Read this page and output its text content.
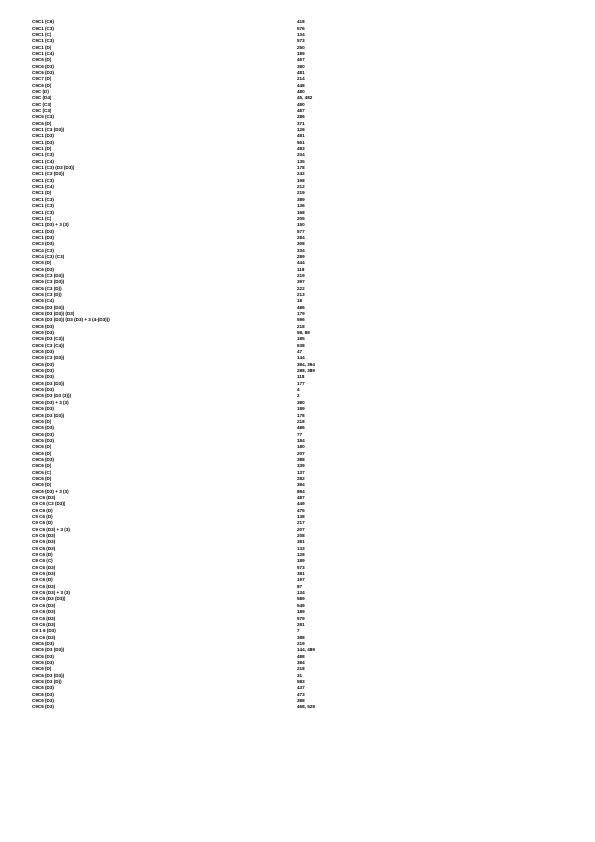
C9C1 (C6)	418
C9C1 (C3)	576
C9C1 (C)	134
C9C1 (C3)	573
C9C1 (D)	250
C9C1 (C4)	189
C9C6 (D)	467
C9C6 (D3)	380
C9C6 (D3)	481
C9C7 (D)	214
C9C6 (D)	448
C9C (D)	480
C9C (D4)	45, 482
C9C (C3)	480
C9C (C3)	487
C9C6 (C3)	286
C9C6 (D)	371
C9C1 (C3 (D3))	126
C9C1 (D3)	481
C9C1 (D3)	561
C9C1 (D)	483
C9C1 (C3)	334
C9C1 (C4)	135
C9C1 (C3) (D3 (D3))	178
C9C1 (C3 (D3))	242
C9C1 (C3)	198
C9C1 (C4)	212
C9C1 (D)	219
C9C1 (C3)	389
C9C1 (C3)	136
C9C1 (C3)	168
C9C1 (C)	205
C9C1 (D3) + 3 (3)	150
C9C1 (D3)	577
C9C1 (D3)	284
C9C3 (D3)	308
C9C4 (C3)	334
C9C4 (C3) (C3)	289
C9C6 (D)	444
C9C6 (D3)	118
C9C6 (C3 (D3))	219
C9C6 (C3 (D3))	397
C9C6 (C3 (D))	222
C9C6 (C3 (D))	213
C9C6 (C4)	18
C9C6 (D3 (D3))	486
C9C6 (D3 (D3)) (D3)	179
C9C6 (D3 (D3)) (D3 (D3) + 3 (4-(D3)))	596
C9C6 (D3)	218
C9C6 (D3)	58, 88
C9C6 (D3 (C3))	185
C9C6 (C3 (C4))	538
C9C6 (D3)	47
C9C6 (C3 (D3))	144
C9C6 (D3)	384, 394
C9C6 (D3)	288, 389
C9C6 (D3)	118
C9C6 (D3 (D3))	177
C9C6 (D3)	4
C9C6 (D3 (D3 (3)))	2
C9C6 (D3) + 3 (3)	380
C9C6 (D3)	189
C9C6 (D3 (D3))	178
C9C6 (D)	218
C9C6 (D3)	486
C9C6 (D3)	77
C9C6 (D3)	184
C9C6 (D)	180
C9C6 (D)	207
C9C6 (D3)	388
C9C6 (D)	339
C9C6 (C)	137
C9C6 (D)	282
C9C6 (D)	384
C9C6 (D3) + 3 (3)	884
C9 C6 (D3)	487
C9 C6 (C3 (D3))	449
C9 C6 (D)	475
C9 C6 (D)	138
C9 C6 (D)	217
C9 C6 (D3) + 3 (3)	207
C9 C6 (D3)	208
C9 C6 (D3)	381
C9 C6 (D3)	133
C9 C6 (D)	128
C9 C6 (C)	189
C9 C6 (D3)	573
C9 C6 (D3)	381
C9 C6 (D)	197
C9 C6 (D3)	87
C9 C6 (D3) + 3 (3)	134
C9 C6 (D3 (D3))	589
C9 C6 (D3)	549
C9 C6 (D3)	189
C9 C6 (D3)	579
C9 C6 (D3)	281
C9 1 6 (D3)	7
C9 C6 (D3)	388
C9C6 (D3)	219
C9C6 (D3 (D3))	144, 489
C9C6 (D3)	488
C9C6 (D3)	384
C9C6 (D)	218
C9C6 (D3 (D3))	31
C9C6 (D3 (D))	583
C9C6 (D3)	437
C9C6 (D3)	473
C9C6 (D3)	388
C9C6 (D3)	468, 528
